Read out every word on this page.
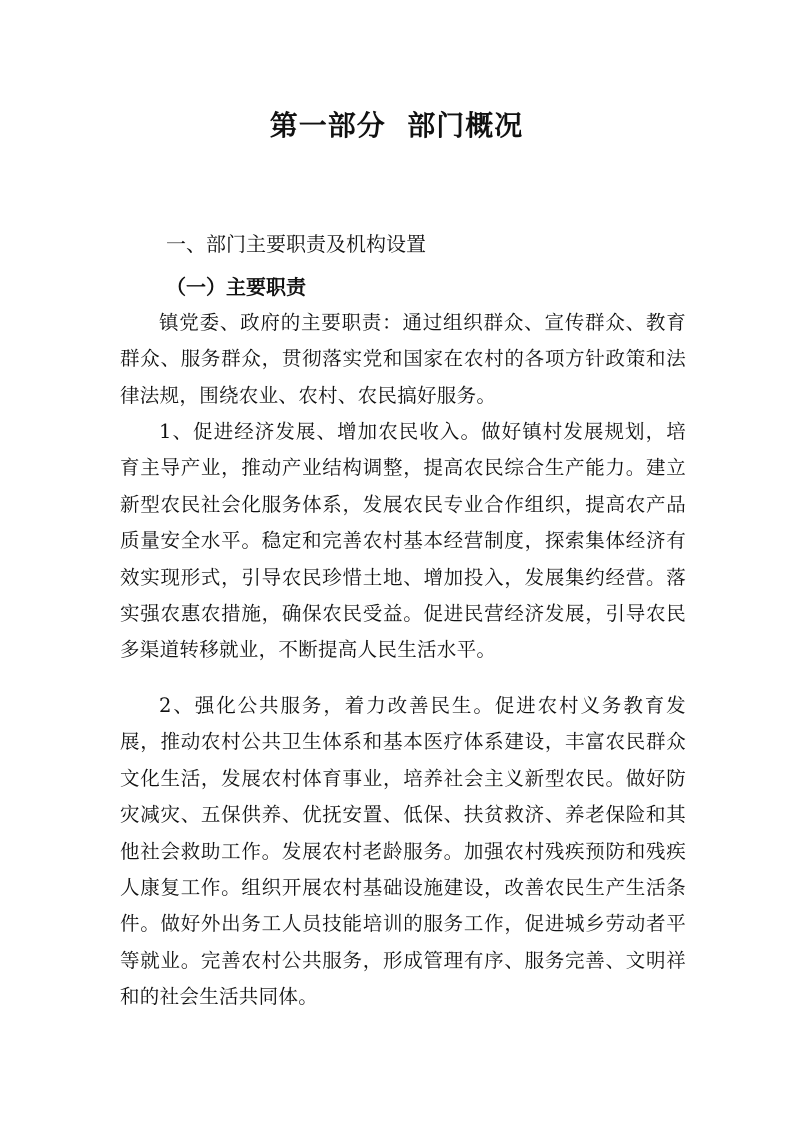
第一部分  部门概况
一、部门主要职责及机构设置
（一）主要职责

镇党委、政府的主要职责：通过组织群众、宣传群众、教育群众、服务群众，贯彻落实党和国家在农村的各项方针政策和法律法规，围绕农业、农村、农民搞好服务。

1、促进经济发展、增加农民收入。做好镇村发展规划，培育主导产业，推动产业结构调整，提高农民综合生产能力。建立新型农民社会化服务体系，发展农民专业合作组织，提高农产品质量安全水平。稳定和完善农村基本经营制度，探索集体经济有效实现形式，引导农民珍惜土地、增加投入，发展集约经营。落实强农惠农措施，确保农民受益。促进民营经济发展，引导农民多渠道转移就业，不断提高人民生活水平。

2、强化公共服务，着力改善民生。促进农村义务教育发展，推动农村公共卫生体系和基本医疗体系建设，丰富农民群众文化生活，发展农村体育事业，培养社会主义新型农民。做好防灾减灾、五保供养、优抚安置、低保、扶贫救济、养老保险和其他社会救助工作。发展农村老龄服务。加强农村残疾预防和残疾人康复工作。组织开展农村基础设施建设，改善农民生产生活条件。做好外出务工人员技能培训的服务工作，促进城乡劳动者平等就业。完善农村公共服务，形成管理有序、服务完善、文明祥和的社会生活共同体。
